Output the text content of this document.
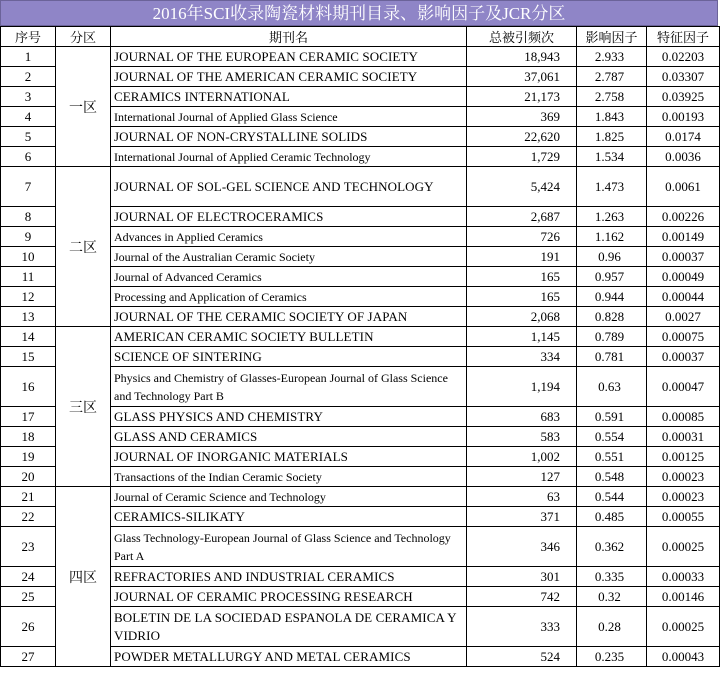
2016年SCI收录陶瓷材料期刊目录、影响因子及JCR分区
序号	分区	期刊名	总被引频次	影响因子	特征因子
1	一区	JOURNAL OF THE EUROPEAN CERAMIC SOCIETY	18,943	2.933	0.02203
2		JOURNAL OF THE AMERICAN CERAMIC SOCIETY	37,061	2.787	0.03307
3		CERAMICS INTERNATIONAL	21,173	2.758	0.03925
4		International Journal of Applied Glass Science	369	1.843	0.00193
5		JOURNAL OF NON-CRYSTALLINE SOLIDS	22,620	1.825	0.0174
6		International Journal of Applied Ceramic Technology	1,729	1.534	0.0036
7	二区	JOURNAL OF SOL-GEL SCIENCE AND TECHNOLOGY	5,424	1.473	0.0061
8		JOURNAL OF ELECTROCERAMICS	2,687	1.263	0.00226
9		Advances in Applied Ceramics	726	1.162	0.00149
10		Journal of the Australian Ceramic Society	191	0.96	0.00037
11		Journal of Advanced Ceramics	165	0.957	0.00049
12		Processing and Application of Ceramics	165	0.944	0.00044
13		JOURNAL OF THE CERAMIC SOCIETY OF JAPAN	2,068	0.828	0.0027
14	三区	AMERICAN CERAMIC SOCIETY BULLETIN	1,145	0.789	0.00075
15		SCIENCE OF SINTERING	334	0.781	0.00037
16		Physics and Chemistry of Glasses-European Journal of Glass Science and Technology Part B	1,194	0.63	0.00047
17		GLASS PHYSICS AND CHEMISTRY	683	0.591	0.00085
18		GLASS AND CERAMICS	583	0.554	0.00031
19		JOURNAL OF INORGANIC MATERIALS	1,002	0.551	0.00125
20		Transactions of the Indian Ceramic Society	127	0.548	0.00023
21	四区	Journal of Ceramic Science and Technology	63	0.544	0.00023
22		CERAMICS-SILIKATY	371	0.485	0.00055
23		Glass Technology-European Journal of Glass Science and Technology Part A	346	0.362	0.00025
24		REFRACTORIES AND INDUSTRIAL CERAMICS	301	0.335	0.00033
25		JOURNAL OF CERAMIC PROCESSING RESEARCH	742	0.32	0.00146
26		BOLETIN DE LA SOCIEDAD ESPANOLA DE CERAMICA Y VIDRIO	333	0.28	0.00025
27		POWDER METALLURGY AND METAL CERAMICS	524	0.235	0.00043
